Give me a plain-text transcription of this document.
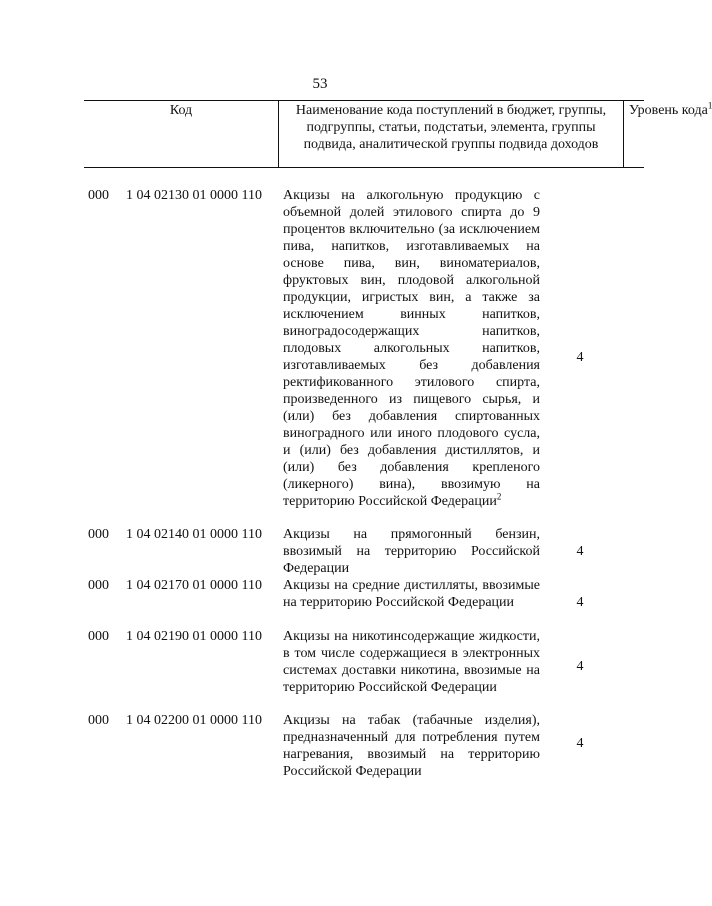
53
Код	Наименование кода поступлений в бюджет, группы, подгруппы, статьи, подстатьи, элемента, группы подвида, аналитической группы подвида доходов
Уровень кода$^1$
000 1 04 02130 01 0000 110 Акцизы на алкогольную продукцию с объемной долей этилового спирта до 9 процентов включительно (за исключением пива, напитков, изготавливаемых на основе пива, вин, виноматериалов, фруктовых вин, плодовой алкогольной продукции, игристых вин, а также за исключением винных напитков, виноградосодержащих напитков, плодовых алкогольных напитков, изготавливаемых без добавления ректификованного этилового спирта, произведенного из пищевого сырья, и (или) без добавления спиртованных виноградного или иного плодового сусла, и (или) без добавления дистиллятов, и (или) без добавления крепленого (ликерного) вина), ввозимую на территорию Российской Федерации$^2$
4
000 1 04 02140 01 0000 110 Акцизы на прямогонный бензин, ввозимый на территорию Российской Федерации
4
000 1 04 02170 01 0000 110 Акцизы на средние дистилляты, ввозимые на территорию Российской Федерации	4
000 1 04 02190 01 0000 110 Акцизы на никотинсодержащие жидкости, в том числе содержащиеся в электронных системах доставки никотина, ввозимые на территорию Российской Федерации
4
000 1 04 02200 01 0000 110 Акцизы на табак (табачные изделия), предназначенный для потребления путем нагревания, ввозимый на территорию Российской Федерации
4
